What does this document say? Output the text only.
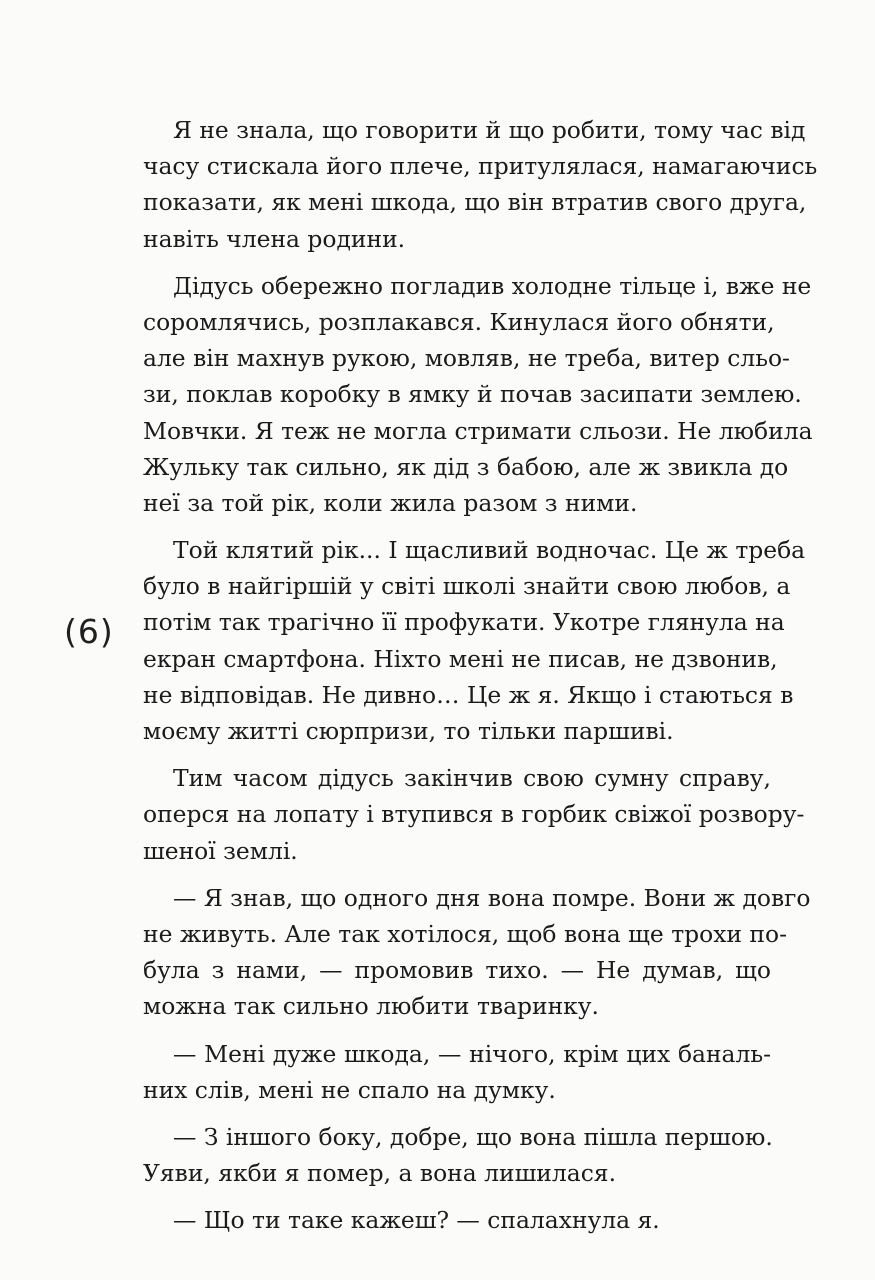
(6)
Я не знала, що говорити й що робити, тому час від
часу стискала його плече, притулялася, намагаючись
показати, як мені шкода, що він втратив свого друга,
навіть члена родини.
Дідусь обережно погладив холодне тільце і, вже не
соромлячись, розплакався. Кинулася його обняти,
але він махнув рукою, мовляв, не треба, витер сльо-
зи, поклав коробку в ямку й почав засипати землею.
Мовчки. Я теж не могла стримати сльози. Не любила
Жульку так сильно, як дід з бабою, але ж звикла до
неї за той рік, коли жила разом з ними.
Той клятий рік... І щасливий водночас. Це ж треба
було в найгіршій у світі школі знайти свою любов, а
потім так трагічно її профукати. Укотре глянула на
екран смартфона. Ніхто мені не писав, не дзвонив,
не відповідав. Не дивно… Це ж я. Якщо і стаються в
моєму житті сюрпризи, то тільки паршиві.
Тим часом дідусь закінчив свою сумну справу,
оперся на лопату і втупився в горбик свіжої розвору-
шеної землі.
— Я знав, що одного дня вона помре. Вони ж довго
не живуть. Але так хотілося, щоб вона ще трохи по-
була з нами, — промовив тихо. — Не думав, що
можна так сильно любити тваринку.
— Мені дуже шкода, — нічого, крім цих баналь-
них слів, мені не спало на думку.
— З іншого боку, добре, що вона пішла першою.
Уяви, якби я помер, а вона лишилася.
— Що ти таке кажеш? — спалахнула я.
